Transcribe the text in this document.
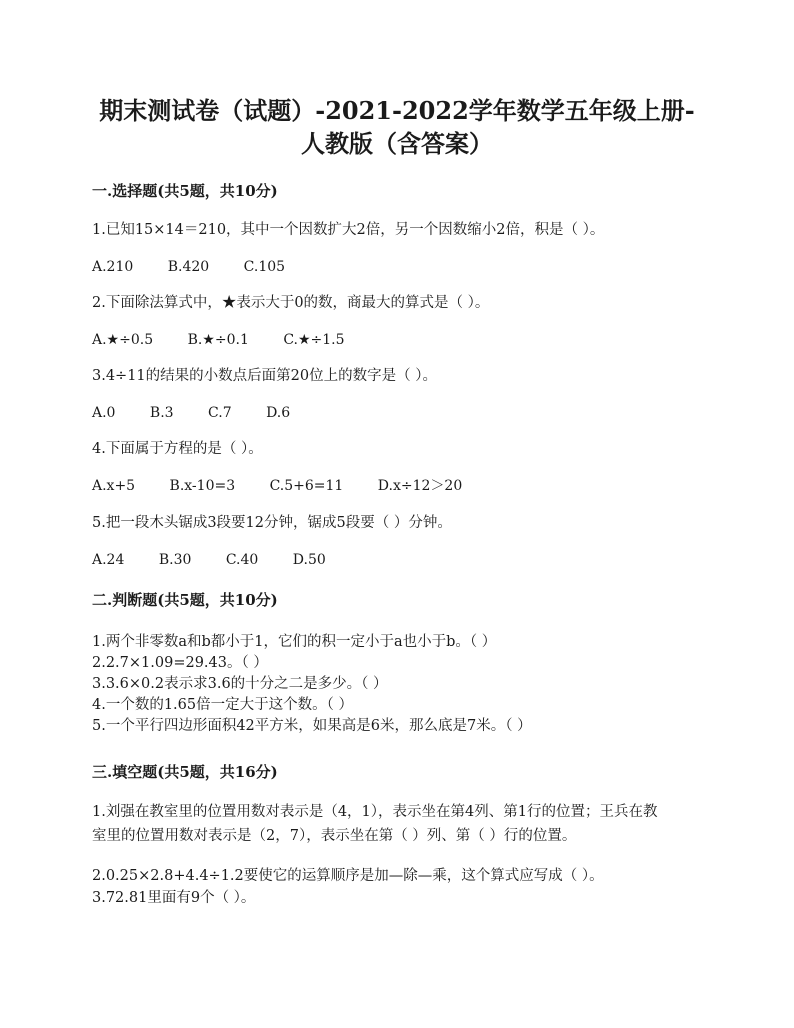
期末测试卷（试题）-2021-2022学年数学五年级上册-
人教版（含答案）
一.选择题(共5题，共10分)
1.已知15×14＝210，其中一个因数扩大2倍，另一个因数缩小2倍，积是（ ）。
A.210 B.420 C.105
2.下面除法算式中，★表示大于0的数，商最大的算式是（ ）。
A.★÷0.5 B.★÷0.1 C.★÷1.5
3.4÷11的结果的小数点后面第20位上的数字是（ ）。
A.0 B.3 C.7 D.6
4.下面属于方程的是（ ）。
A.x+5 B.x-10=3 C.5+6=11 D.x÷12＞20
5.把一段木头锯成3段要12分钟，锯成5段要（ ）分钟。
A.24 B.30 C.40 D.50
二.判断题(共5题，共10分)
1.两个非零数a和b都小于1，它们的积一定小于a也小于b。（ ）
2.2.7×1.09=29.43。（ ）
3.3.6×0.2表示求3.6的十分之二是多少。（ ）
4.一个数的1.65倍一定大于这个数。（ ）
5.一个平行四边形面积42平方米，如果高是6米，那么底是7米。（ ）
三.填空题(共5题，共16分)
1.刘强在教室里的位置用数对表示是（4，1），表示坐在第4列、第1行的位置；王兵在教
室里的位置用数对表示是（2，7），表示坐在第（ ）列、第（ ）行的位置。
2.0.25×2.8+4.4÷1.2要使它的运算顺序是加—除—乘，这个算式应写成（ ）。
3.72.81里面有9个（ ）。
